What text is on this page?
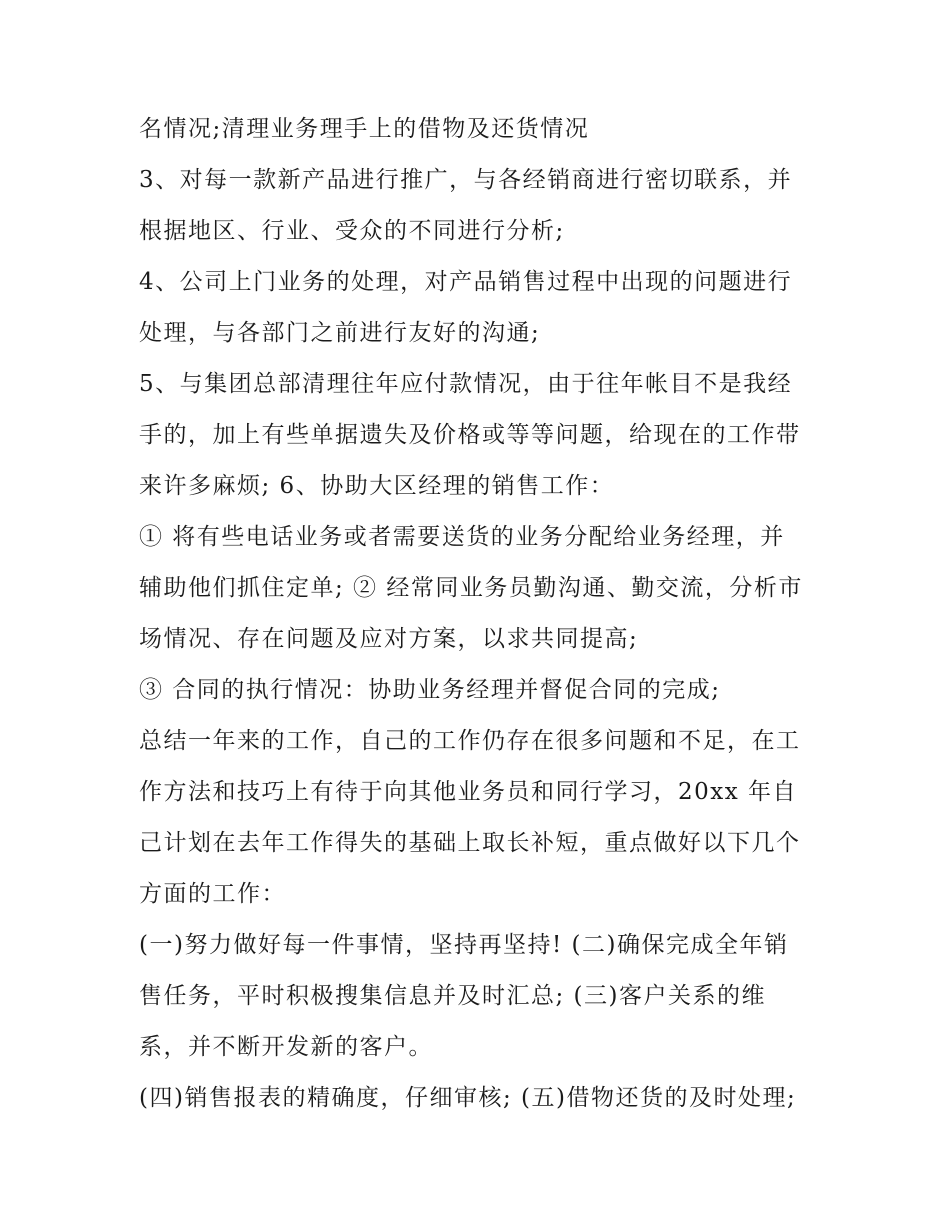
名情况;清理业务理手上的借物及还货情况
3、对每一款新产品进行推广，与各经销商进行密切联系，并
根据地区、行业、受众的不同进行分析;
4、公司上门业务的处理，对产品销售过程中出现的问题进行
处理，与各部门之前进行友好的沟通;
5、与集团总部清理往年应付款情况，由于往年帐目不是我经
手的，加上有些单据遗失及价格或等等问题，给现在的工作带
来许多麻烦; 6、协助大区经理的销售工作：
① 将有些电话业务或者需要送货的业务分配给业务经理，并
辅助他们抓住定单; ② 经常同业务员勤沟通、勤交流，分析市
场情况、存在问题及应对方案，以求共同提高;
③ 合同的执行情况：协助业务经理并督促合同的完成;
总结一年来的工作，自己的工作仍存在很多问题和不足，在工
作方法和技巧上有待于向其他业务员和同行学习，20xx 年自
己计划在去年工作得失的基础上取长补短，重点做好以下几个
方面的工作：
(一)努力做好每一件事情，坚持再坚持! (二)确保完成全年销
售任务，平时积极搜集信息并及时汇总; (三)客户关系的维
系，并不断开发新的客户。
(四)销售报表的精确度，仔细审核; (五)借物还货的及时处理;
